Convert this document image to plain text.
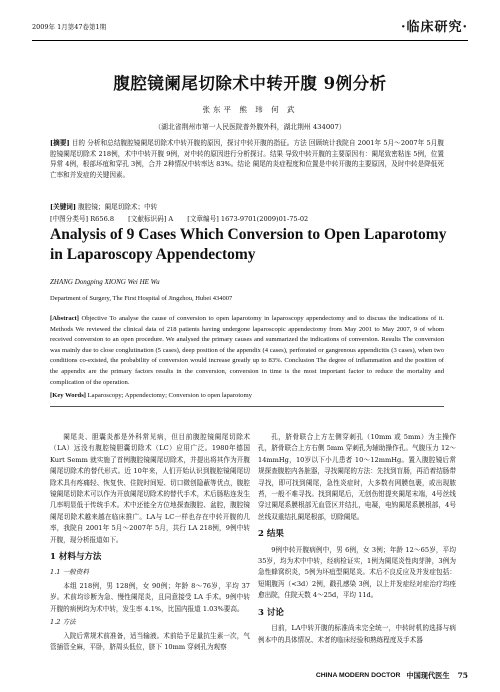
2009年 1月第47卷第1期	·临床研究·
腹腔镜阑尾切除术中转开腹 9例分析
张东平 熊 玮 何 武
（湖北省荆州市第一人民医院普外腹外科，湖北荆州 434007）
[摘要] 目的 分析和总结腹腔镜阑尾切除术中转开腹的原因，探讨中转开腹的指征。方法 回顾统计我院自 2001年 5月～2007年 5月腹腔镜阑尾切除术 218例，术中中转开腹 9例，对中转的原因进行分析探讨。结果 导致中转开腹的主要原因有：阑尾致密粘连 5例，位置异常 4例，根部坏疽和穿孔 3例，合并 2种情况中转率达 83%。结论 阑尾的炎症程度和位置是中转开腹的主要原因，及时中转是降低死亡率和并发症的关键因素。
[关键词] 腹腔镜；阑尾切除术；中转
[中图分类号] R656.8 [文献标识码] A [文章编号] 1673-9701(2009)01-75-02
Analysis of 9 Cases Which Conversion to Open Laparotomy in Laparoscopy Appendectomy
ZHANG Dongping XIONG Wei HE Wu
Department of Surgery, The First Hospital of Jingzhou, Hubei 434007
[Abstract] Objective To analyse the cause of conversion to open laparotomy in laparoscopy appendectomy and to discuss the indications of it. Methods We reviewed the clinical data of 218 patients having undergone laparoscopic appendectomy from May 2001 to May 2007, 9 of whom received conversion to an open procedure. We analysed the primary causes and summarized the indications of conversion. Results The conversion was mainly due to close conglutination (5 cases), deep position of the appendix (4 cases), perforated or gangrenous appendicitis (3 cases), when two conditions co-existed, the probability of conversion would increase greatly up to 83%. Conclusion The degree of inflammation and the position of the appendix are the primary factors results in the conversion, conversion in time is the most important factor to reduce the mortality and complication of the operation.
[Key Words] Laparoscopy; Appendectomy; Conversion to open laparotomy

阑尾炎、胆囊炎都是外科常见病，但目前腹腔镜阑尾切除术（LA）远没有腹腔镜胆囊切除术（LC）应用广泛。1980年德国 Kurt Semm 就实施了首例腹腔镜阑尾切除术，并提出将其作为开腹阑尾切除术的替代形式。近 10年来，人们开始认识到腹腔镜阑尾切除术具有疼痛轻、恢复快、住院时间短、切口微创隐蔽等优点，腹腔镜阑尾切除术可以作为开放阑尾切除术的替代手术，术后肠粘连发生几率明显低于传统手术。术中还能全方位地探查腹腔、盆腔，腹腔镜阑尾切除术越来越在临床推广。LA与 LC一样也存在中转开腹的几率，我院自 2001年 5月～2007年 5月，共行 LA 218例，9例中转开腹，现分析报道如下。

1 材料与方法
1.1 一般资料

本组 218例，男 128例，女 90例；年龄 8～76岁，平均 37岁。术前均诊断为急、慢性阑尾炎，且同意接受 LA 手术。9例中转开腹的病例均为术中转，发生率 4.1%，比国内报道 1.03%要高。

1.2 方法

入院后常规术前准备，适当输液。术前给予足量抗生素一次，气管插管全麻，平卧，脐周头低位，脐下 10mm 穿刺孔为观察

孔，脐骨联合上方左侧穿刺孔（10mm 或 5mm）为主操作孔，脐骨联合上方右侧 5mm 穿刺孔为辅助操作孔。气腹压力 12～14mmHg，10岁以下小儿患者 10～12mmHg。置入腹腔镜后常规探查腹腔内各脏器，寻找阑尾的方法：先找到盲肠，再沿着结肠带寻找，即可找到阑尾，急性炎症时，大多数有网膜包裹，或出现脓苔，一般不难寻找。找到阑尾后，无创伤钳提夹阑尾末端，4号丝线穿过阑尾系膜根部无血管区并结扎，电凝，电钩阑尾系膜根部，4号丝线双重结扎阑尾根部，切除阑尾。

2 结果

9例中转开腹病例中，男 6例，女 3例；年龄 12～65岁，平均 35岁，均为术中中转，经病检证实，1例为阑尾炎性肉芽肿，3例为急性蜂窝织炎，5例为坏疽型阑尾炎。术后不良反应及并发症包括：短期腹泻（<3d）2例，戳孔感染 3例，以上并发症经对症治疗均痊愈出院，住院天数 4～25d，平均 11d。

3 讨论

目前，LA中转开腹的标准尚未完全统一，中转时机的选择与病例本中的具体情况、术者的临床经验和熟练程度及手术器

CHINA MODERN DOCTOR 中国现代医生 75
